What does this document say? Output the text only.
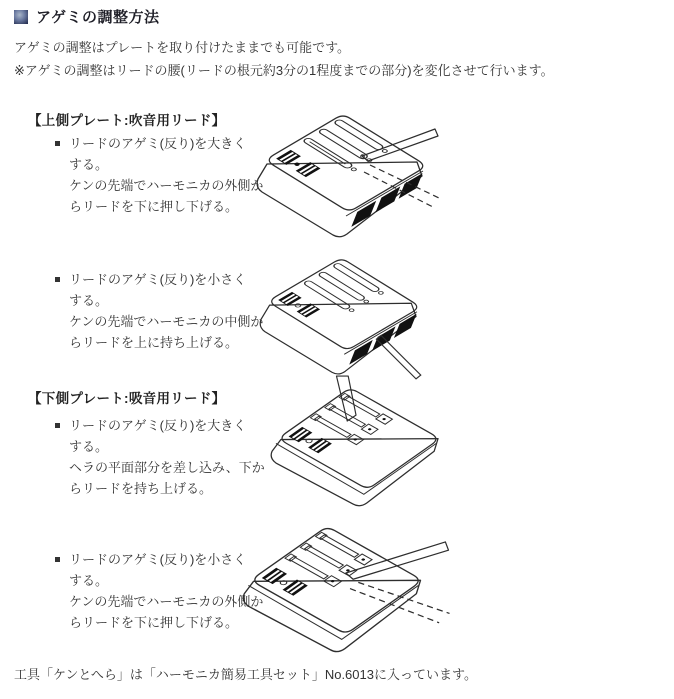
アゲミの調整方法

アゲミの調整はプレートを取り付けたままでも可能です。

※アゲミの調整はリードの腰(リードの根元約3分の1程度までの部分)を変化させて行います。

【上側プレート:吹音用リード】
リードのアゲミ(反り)を大きく
する。
ケンの先端でハーモニカの外側か
らリードを下に押し下げる。
リードのアゲミ(反り)を小さく
する。
ケンの先端でハーモニカの中側か
らリードを上に持ち上げる。
【下側プレート:吸音用リード】
リードのアゲミ(反り)を大きく
する。
ヘラの平面部分を差し込み、下か
らリードを持ち上げる。
リードのアゲミ(反り)を小さく
する。
ケンの先端でハーモニカの外側か
らリードを下に押し下げる。

工具「ケンとへら」は「ハーモニカ簡易工具セット」No.6013に入っています。
